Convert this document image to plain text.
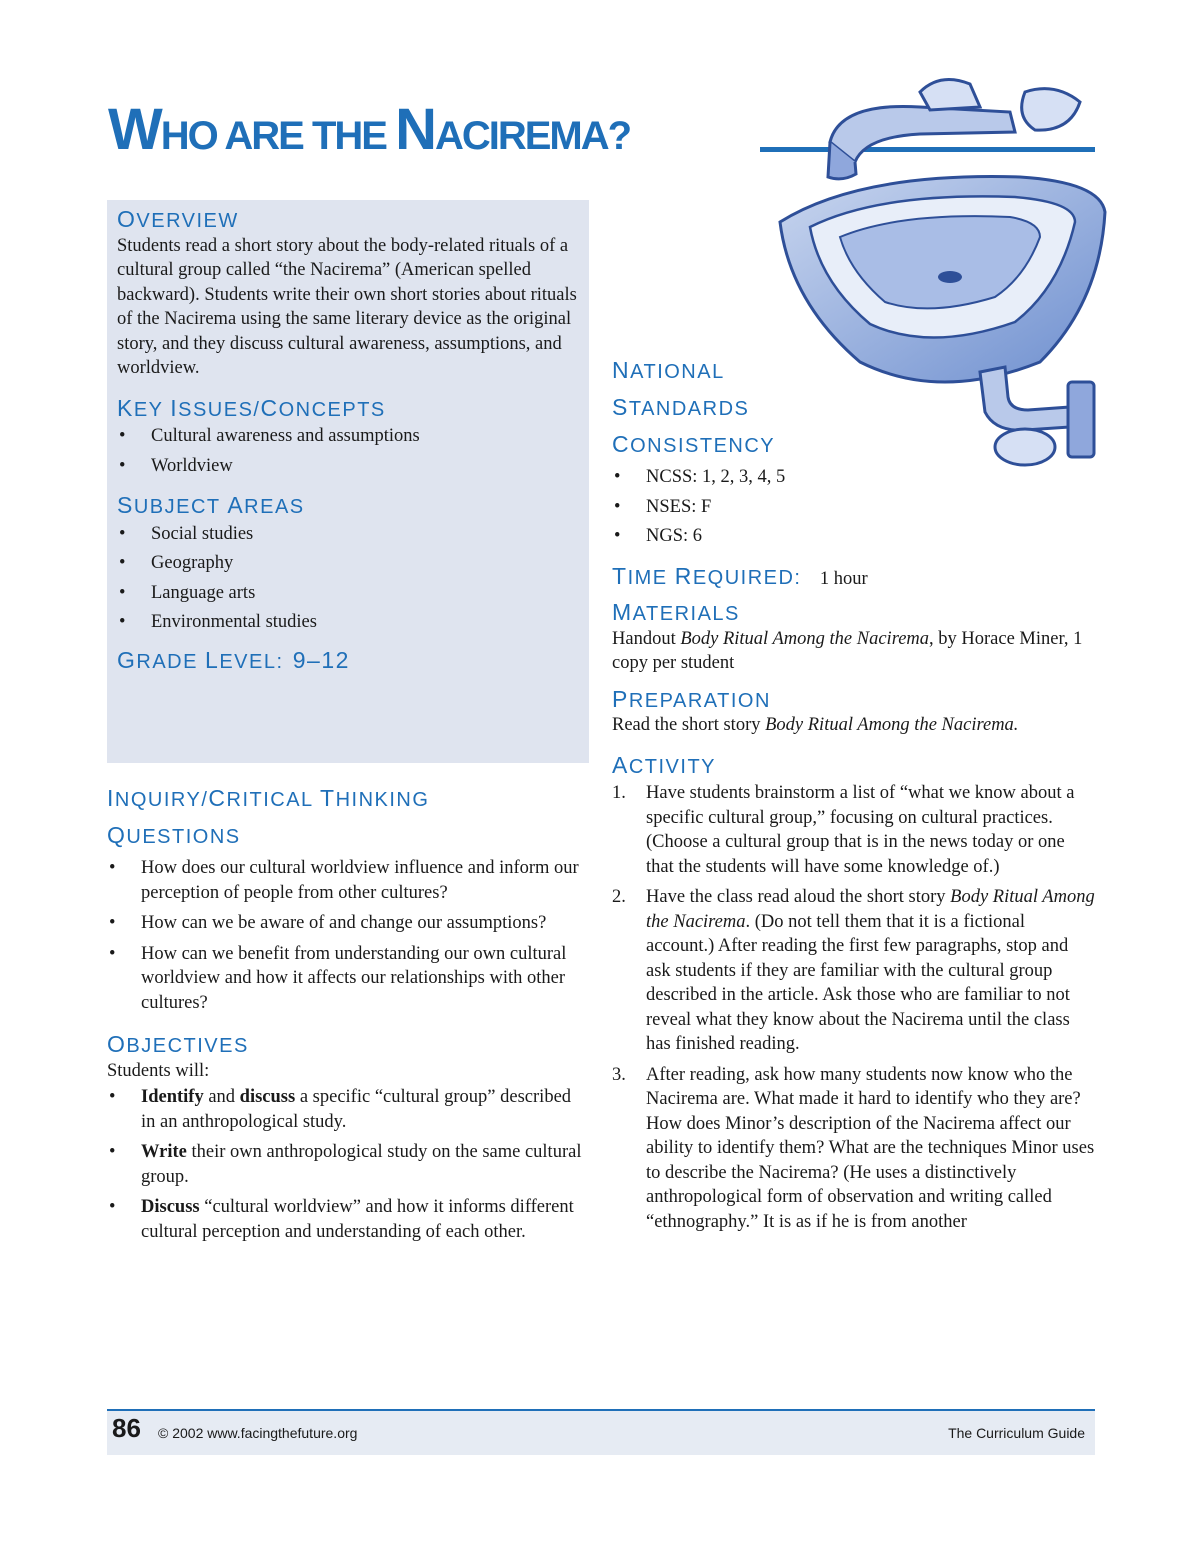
WHO ARE THE NACIREMA?
OVERVIEW

Students read a short story about the body-related rituals of a cultural group called “the Nacirema” (American spelled backward). Students write their own short stories about rituals of the Nacirema using the same literary device as the original story, and they discuss cultural awareness, assumptions, and worldview.

KEY ISSUES/CONCEPTS
• Cultural awareness and assumptions
• Worldview
SUBJECT AREAS
• Social studies
• Geography
• Language arts
• Environmental studies
GRADE LEVEL: 9–12
INQUIRY/CRITICAL THINKING
QUESTIONS
• How does our cultural worldview influence and inform our perception of people from other cultures?
• How can we be aware of and change our assumptions?
• How can we benefit from understanding our own cultural worldview and how it affects our relationships with other cultures?
OBJECTIVES

Students will:

• Identify and discuss a specific “cultural group” described in an anthropological study.
• Write their own anthropological study on the same cultural group.
• Discuss “cultural worldview” and how it informs different cultural perception and understanding of each other.
NATIONAL
STANDARDS
CONSISTENCY
• NCSS: 1, 2, 3, 4, 5
• NSES: F
• NGS: 6
TIME REQUIRED: 1 hour
MATERIALS

Handout Body Ritual Among the Nacirema, by Horace Miner, 1 copy per student

PREPARATION

Read the short story Body Ritual Among the Nacirema.

ACTIVITY
1. Have students brainstorm a list of “what we know about a specific cultural group,” focusing on cultural practices. (Choose a cultural group that is in the news today or one that the students will have some knowledge of.)
2. Have the class read aloud the short story Body Ritual Among the Nacirema. (Do not tell them that it is a fictional account.) After reading the first few paragraphs, stop and ask students if they are familiar with the cultural group described in the article. Ask those who are familiar to not reveal what they know about the Nacirema until the class has finished reading.
3. After reading, ask how many students now know who the Nacirema are. What made it hard to identify who they are? How does Minor’s description of the Nacirema affect our ability to identify them? What are the techniques Minor uses to describe the Nacirema? (He uses a distinctively anthropological form of observation and writing called “ethnography.” It is as if he is from another
86 © 2002 www.facingthefuture.org	The Curriculum Guide
